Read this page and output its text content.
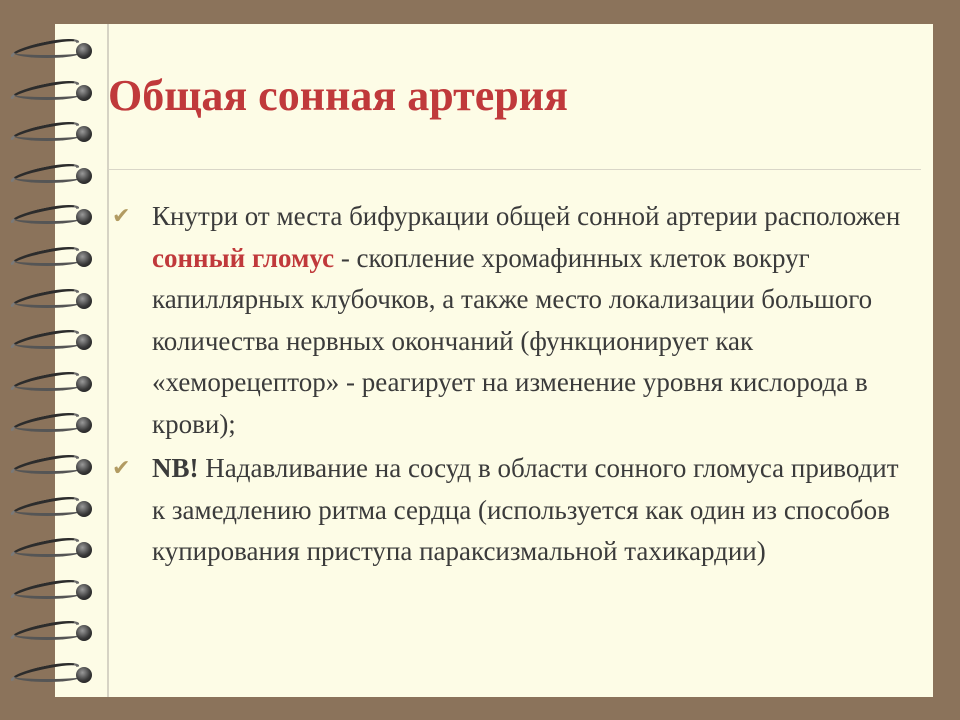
Общая сонная артерия
✔ Кнутри от места бифуркации общей сонной артерии расположен сонный гломус - скопление хромафинных клеток вокруг капиллярных клубочков, а также место локализации большого количества нервных окончаний (функционирует как «хеморецептор» - реагирует на изменение уровня кислорода в крови);
✔ NB! Надавливание на сосуд в области сонного гломуса приводит к замедлению ритма сердца (используется как один из способов купирования приступа параксизмальной тахикардии)
